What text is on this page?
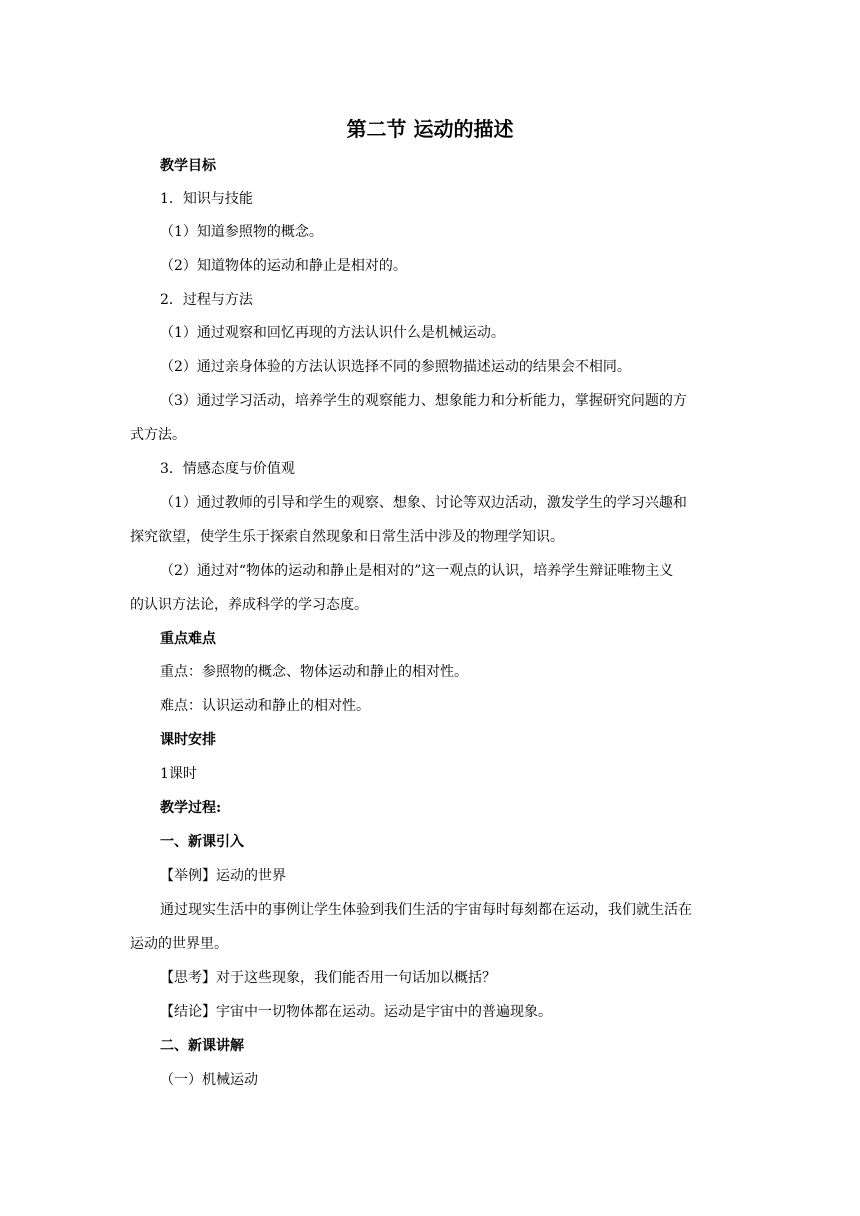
第二节 运动的描述
教学目标
1．知识与技能
（1）知道参照物的概念。
（2）知道物体的运动和静止是相对的。
2．过程与方法
（1）通过观察和回忆再现的方法认识什么是机械运动。
（2）通过亲身体验的方法认识选择不同的参照物描述运动的结果会不相同。
（3）通过学习活动，培养学生的观察能力、想象能力和分析能力，掌握研究问题的方
式方法。
3．情感态度与价值观
（1）通过教师的引导和学生的观察、想象、讨论等双边活动，激发学生的学习兴趣和
探究欲望，使学生乐于探索自然现象和日常生活中涉及的物理学知识。
（2）通过对“物体的运动和静止是相对的”这一观点的认识，培养学生辩证唯物主义
的认识方法论，养成科学的学习态度。
重点难点
重点：参照物的概念、物体运动和静止的相对性。
难点：认识运动和静止的相对性。
课时安排
1课时
教学过程:
一、新课引入
【举例】运动的世界
通过现实生活中的事例让学生体验到我们生活的宇宙每时每刻都在运动，我们就生活在
运动的世界里。
【思考】对于这些现象，我们能否用一句话加以概括？
【结论】宇宙中一切物体都在运动。运动是宇宙中的普遍现象。
二、新课讲解
（一）机械运动
